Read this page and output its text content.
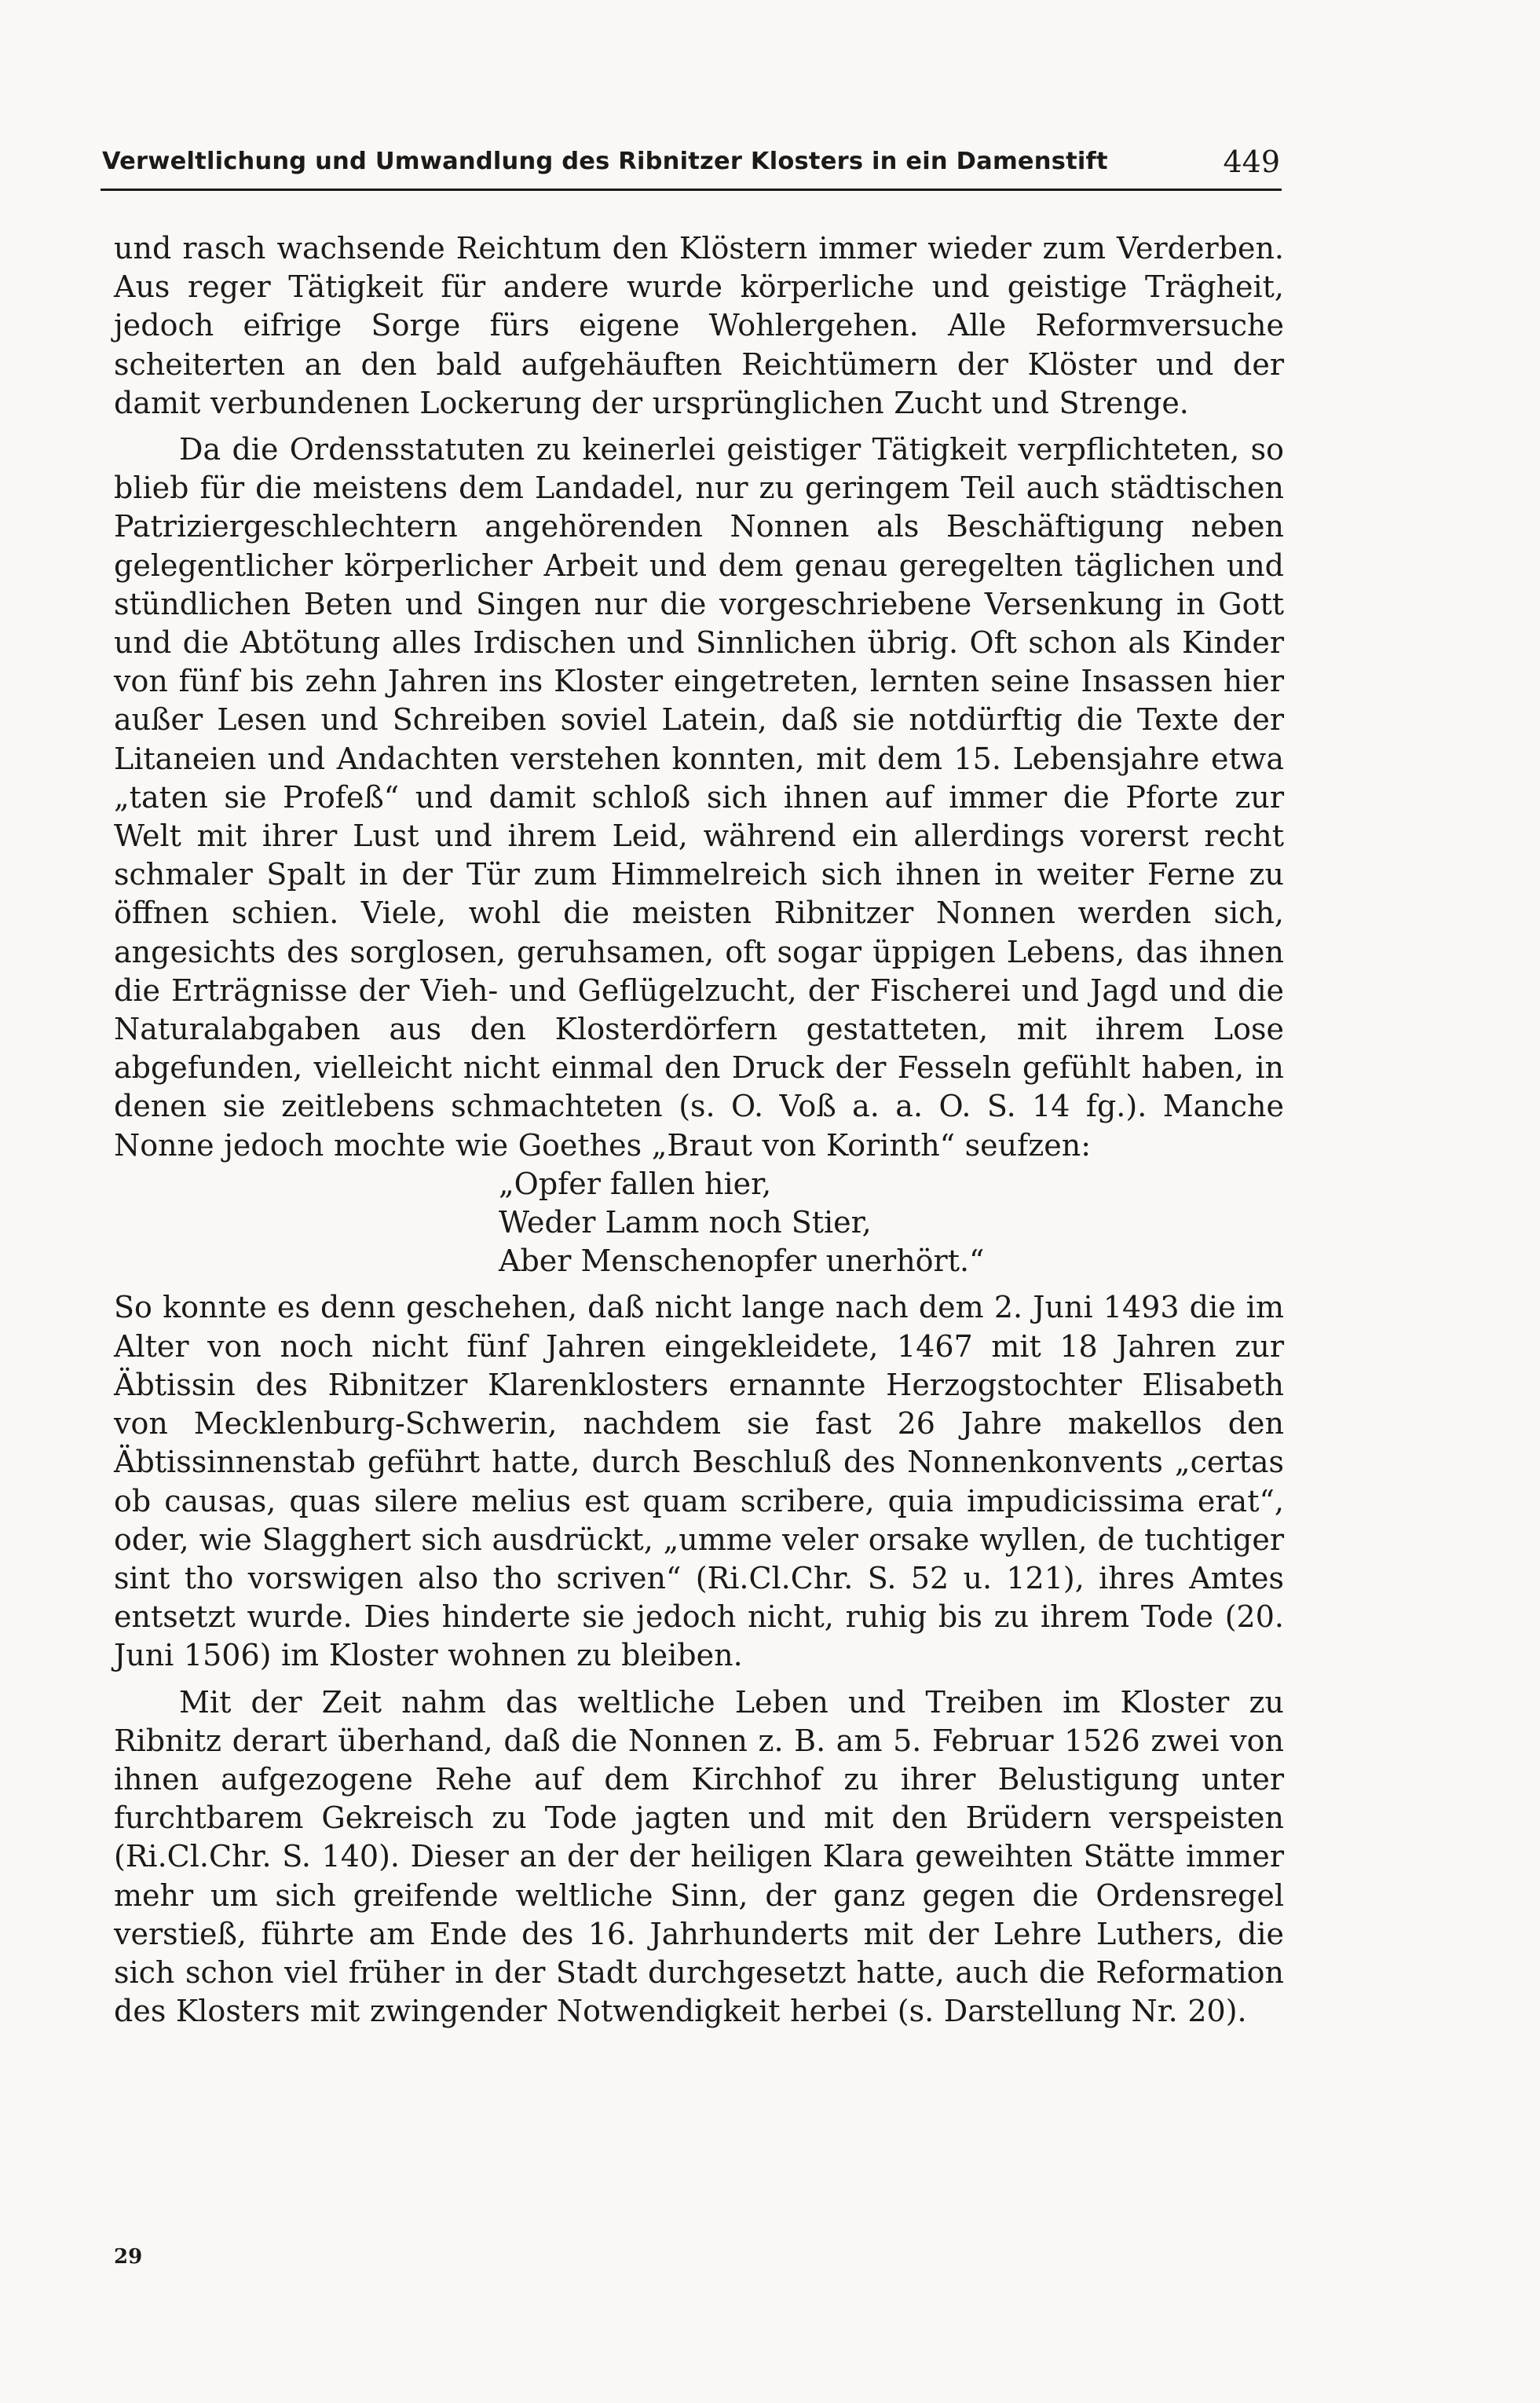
Verweltlichung und Umwandlung des Ribnitzer Klosters in ein Damenstift	449

und rasch wachsende Reichtum den Klöstern immer wieder zum Verderben. Aus reger Tätigkeit für andere wurde körperliche und geistige Trägheit, jedoch eifrige Sorge fürs eigene Wohlergehen. Alle Reformversuche scheiterten an den bald aufgehäuften Reichtümern der Klöster und der damit verbundenen Lockerung der ursprünglichen Zucht und Strenge.

Da die Ordensstatuten zu keinerlei geistiger Tätigkeit verpflichteten, so blieb für die meistens dem Landadel, nur zu geringem Teil auch städtischen Patriziergeschlechtern angehörenden Nonnen als Beschäftigung neben gelegentlicher körperlicher Arbeit und dem genau geregelten täglichen und stündlichen Beten und Singen nur die vorgeschriebene Versenkung in Gott und die Abtötung alles Irdischen und Sinnlichen übrig. Oft schon als Kinder von fünf bis zehn Jahren ins Kloster eingetreten, lernten seine Insassen hier außer Lesen und Schreiben soviel Latein, daß sie notdürftig die Texte der Litaneien und Andachten verstehen konnten, mit dem 15. Lebensjahre etwa „taten sie Profeß“ und damit schloß sich ihnen auf immer die Pforte zur Welt mit ihrer Lust und ihrem Leid, während ein allerdings vorerst recht schmaler Spalt in der Tür zum Himmelreich sich ihnen in weiter Ferne zu öffnen schien. Viele, wohl die meisten Ribnitzer Nonnen werden sich, angesichts des sorglosen, geruhsamen, oft sogar üppigen Lebens, das ihnen die Erträgnisse der Vieh- und Geflügelzucht, der Fischerei und Jagd und die Naturalabgaben aus den Klosterdörfern gestatteten, mit ihrem Lose abgefunden, vielleicht nicht einmal den Druck der Fesseln gefühlt haben, in denen sie zeitlebens schmachteten (s. O. Voß a. a. O. S. 14 fg.). Manche Nonne jedoch mochte wie Goethes „Braut von Korinth“ seufzen:

„Opfer fallen hier,
Weder Lamm noch Stier,
Aber Menschenopfer unerhört.“

So konnte es denn geschehen, daß nicht lange nach dem 2. Juni 1493 die im Alter von noch nicht fünf Jahren eingekleidete, 1467 mit 18 Jahren zur Äbtissin des Ribnitzer Klarenklosters ernannte Herzogstochter Elisabeth von Mecklenburg-Schwerin, nachdem sie fast 26 Jahre makellos den Äbtissinnenstab geführt hatte, durch Beschluß des Nonnenkonvents „certas ob causas, quas silere melius est quam scribere, quia impudicissima erat“, oder, wie Slagghert sich ausdrückt, „umme veler orsake wyllen, de tuchtiger sint tho vorswigen also tho scriven“ (Ri.Cl.Chr. S. 52 u. 121), ihres Amtes entsetzt wurde. Dies hinderte sie jedoch nicht, ruhig bis zu ihrem Tode (20. Juni 1506) im Kloster wohnen zu bleiben.

Mit der Zeit nahm das weltliche Leben und Treiben im Kloster zu Ribnitz derart überhand, daß die Nonnen z. B. am 5. Februar 1526 zwei von ihnen aufgezogene Rehe auf dem Kirchhof zu ihrer Belustigung unter furchtbarem Gekreisch zu Tode jagten und mit den Brüdern verspeisten (Ri.Cl.Chr. S. 140). Dieser an der der heiligen Klara geweihten Stätte immer mehr um sich greifende weltliche Sinn, der ganz gegen die Ordensregel verstieß, führte am Ende des 16. Jahrhunderts mit der Lehre Luthers, die sich schon viel früher in der Stadt durchgesetzt hatte, auch die Reformation des Klosters mit zwingender Notwendigkeit herbei (s. Darstellung Nr. 20).

29
